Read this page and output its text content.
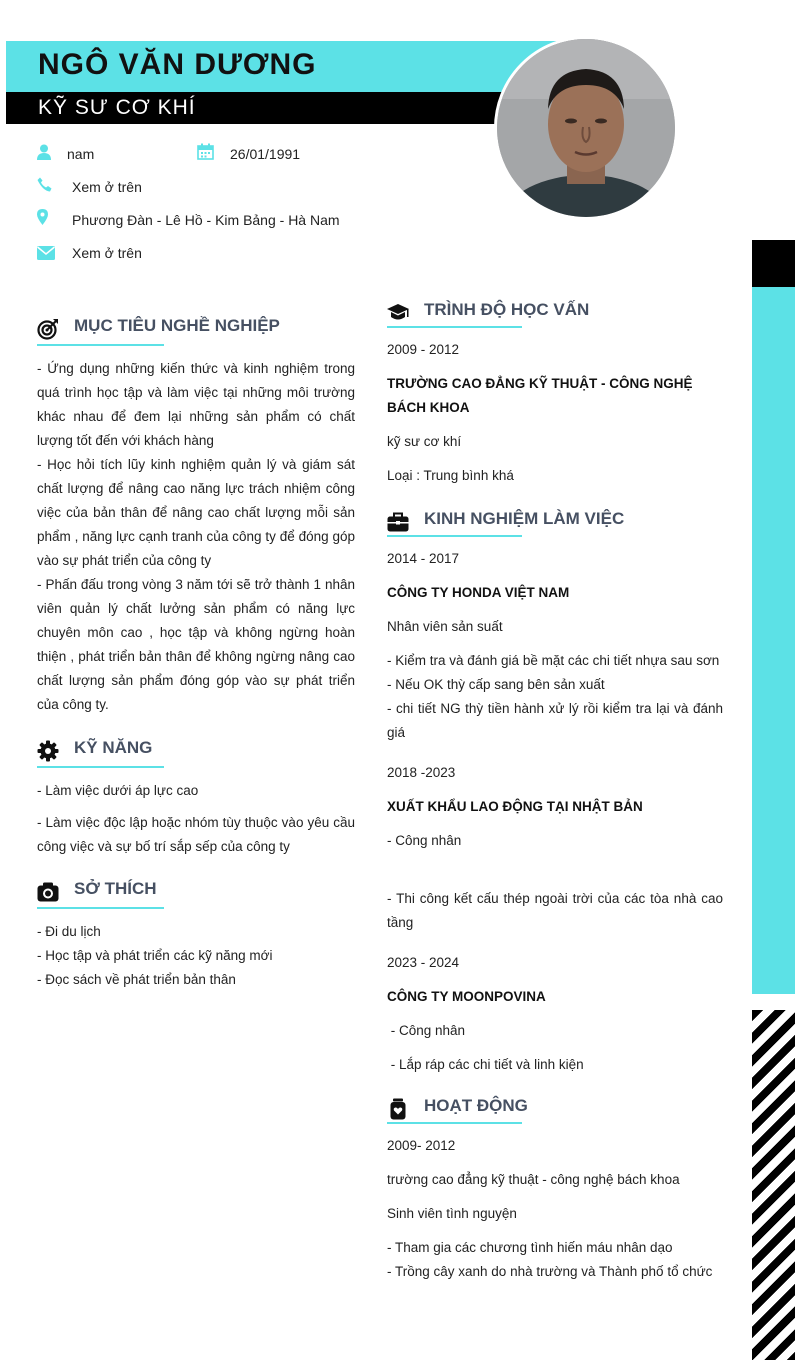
NGÔ VĂN DƯƠNG
KỸ SƯ CƠ KHÍ
nam	26/01/1991
Xem ở trên
Phương Đàn - Lê Hồ - Kim Bảng - Hà Nam
Xem ở trên
MỤC TIÊU NGHỀ NGHIỆP
- Ứng dụng những kiến thức và kinh nghiệm trong quá trình học tập và làm việc tại những môi trường khác nhau để đem lại những sản phẩm có chất lượng tốt đến với khách hàng
- Học hỏi tích lũy kinh nghiệm quản lý và giám sát chất lượng để nâng cao năng lực trách nhiệm công việc của bản thân để nâng cao chất lượng mỗi sản phẩm , năng lực cạnh tranh của công ty để đóng góp vào sự phát triển của công ty
- Phấn đấu trong vòng 3 năm tới sẽ trở thành 1 nhân viên quản lý chất lưởng sản phẩm có năng lực chuyên môn cao , học tập và không ngừng hoàn thiện , phát triển bản thân để không ngừng nâng cao chất lượng sản phẩm đóng góp vào sự phát triển của công ty.
KỸ NĂNG
- Làm việc dưới áp lực cao
- Làm việc độc lập hoặc nhóm tùy thuộc vào yêu cầu công việc và sự bố trí sắp sếp của công ty
SỞ THÍCH
- Đi du lịch
- Học tập và phát triển các kỹ năng mới
- Đọc sách về phát triển bản thân
TRÌNH ĐỘ HỌC VẤN
2009 - 2012
TRƯỜNG CAO ĐẲNG KỸ THUẬT - CÔNG NGHỆ BÁCH KHOA
kỹ sư cơ khí
Loại : Trung bình khá
KINH NGHIỆM LÀM VIỆC
2014 - 2017
CÔNG TY HONDA VIỆT NAM
Nhân viên sản suất
- Kiểm tra và đánh giá bề mặt các chi tiết nhựa sau sơn
- Nếu OK thỳ cấp sang bên sản xuất
- chi tiết NG thỳ tiền hành xử lý rồi kiểm tra lại và đánh giá
2018 -2023
XUẤT KHẨU LAO ĐỘNG TẠI NHẬT BẢN
- Công nhân
- Thi công kết cấu thép ngoài trời của các tòa nhà cao tầng
2023 - 2024
CÔNG TY MOONPOVINA
- Công nhân
- Lắp ráp các chi tiết và linh kiện
HOẠT ĐỘNG
2009- 2012
trường cao đẳng kỹ thuật - công nghệ bách khoa
Sinh viên tình nguyện
- Tham gia các chương tình hiến máu nhân dạo
- Trồng cây xanh do nhà trường và Thành phố tổ chức
